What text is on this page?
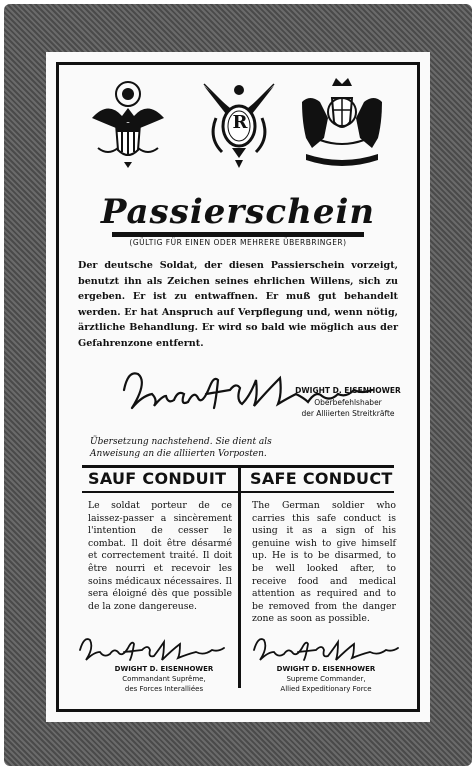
R
Passierschein
(GÜLTIG FÜR EINEN ODER MEHRERE ÜBERBRINGER)
Der deutsche Soldat, der diesen Passierschein vorzeigt, benutzt ihn als Zeichen seines ehrlichen Willens, sich zu ergeben. Er ist zu entwaffnen. Er muß gut behandelt werden. Er hat Anspruch auf Verpflegung und, wenn nötig, ärztliche Behandlung. Er wird so bald wie möglich aus der Gefahrenzone entfernt.
DWIGHT D. EISENHOWER
Oberbefehlshaber
der Alliierten Streitkräfte
Übersetzung nachstehend. Sie dient als
Anweisung an die alliierten Vorposten.
SAUF CONDUIT SAFE CONDUCT
Le soldat porteur de ce laissez-passer a sincèrement l'intention de cesser le combat. Il doit être désarmé et correctement traité. Il doit être nourri et recevoir les soins médicaux nécessaires. Il sera éloigné dès que possible de la zone dangereuse.
The German soldier who carries this safe conduct is using it as a sign of his genuine wish to give himself up. He is to be disarmed, to be well looked after, to receive food and medical attention as required and to be removed from the danger zone as soon as possible.
DWIGHT D. EISENHOWER
Commandant Suprême,
des Forces Interalliées
DWIGHT D. EISENHOWER
Supreme Commander,
Allied Expeditionary Force
